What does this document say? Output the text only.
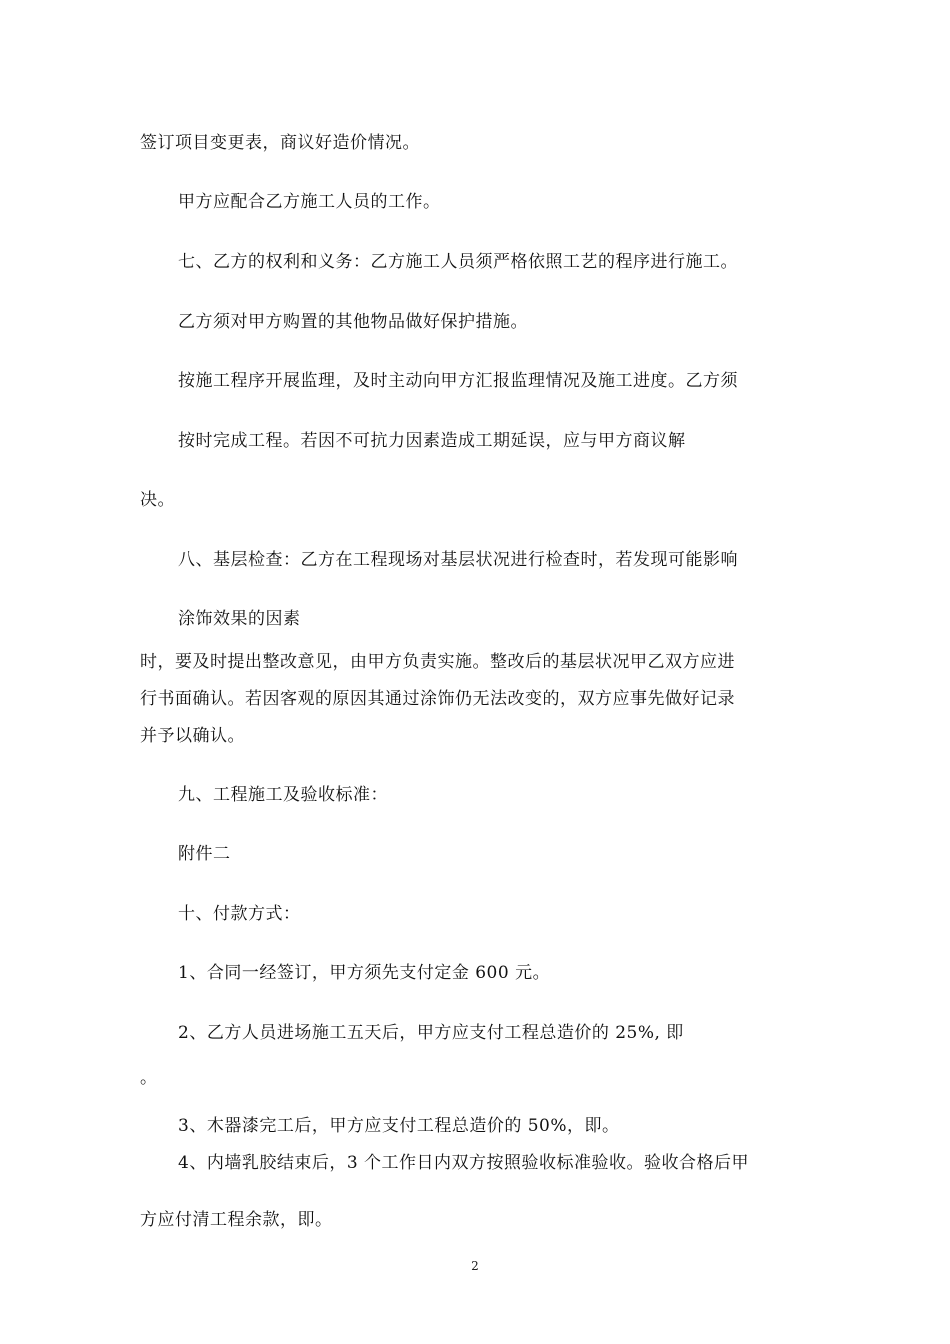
签订项目变更表，商议好造价情况。
甲方应配合乙方施工人员的工作。
七、乙方的权利和义务：乙方施工人员须严格依照工艺的程序进行施工。
乙方须对甲方购置的其他物品做好保护措施。
按施工程序开展监理，及时主动向甲方汇报监理情况及施工进度。乙方须
按时完成工程。若因不可抗力因素造成工期延误，应与甲方商议解
决。
八、基层检查：乙方在工程现场对基层状况进行检查时，若发现可能影响
涂饰效果的因素
时，要及时提出整改意见，由甲方负责实施。整改后的基层状况甲乙双方应进
行书面确认。若因客观的原因其通过涂饰仍无法改变的，双方应事先做好记录
并予以确认。
九、工程施工及验收标准：
附件二
十、付款方式：
1、合同一经签订，甲方须先支付定金 600 元。
2、乙方人员进场施工五天后，甲方应支付工程总造价的 25%, 即
。
3、木器漆完工后，甲方应支付工程总造价的 50%，即。
4、内墙乳胶结束后，3 个工作日内双方按照验收标准验收。验收合格后甲
方应付清工程余款，即。
2
